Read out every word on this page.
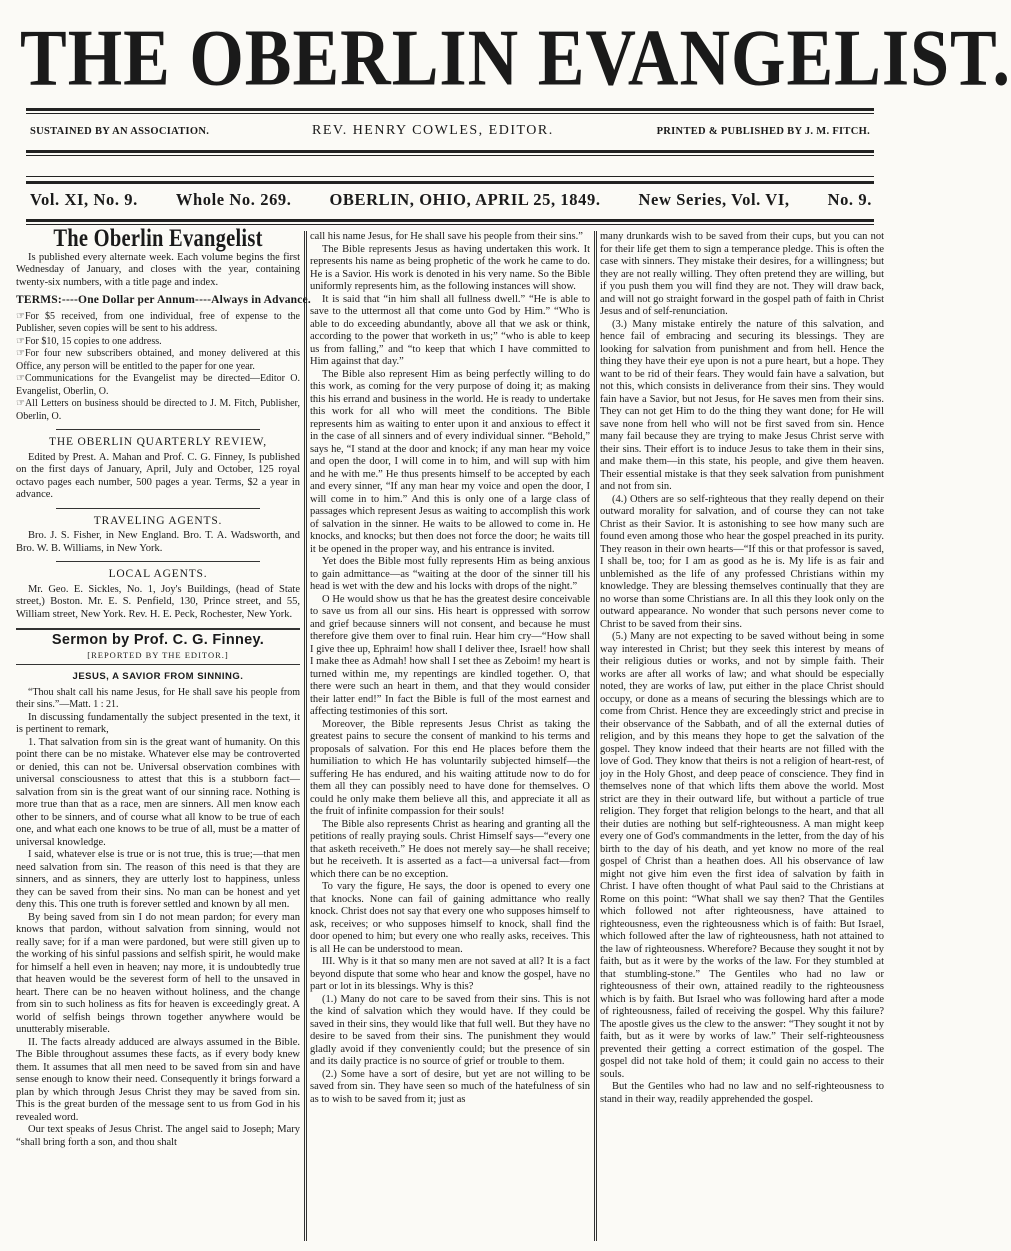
THE OBERLIN EVANGELIST.
SUSTAINED BY AN ASSOCIATION.	REV. HENRY COWLES, EDITOR.	PRINTED & PUBLISHED BY J. M. FITCH.
Vol. XI, No. 9. Whole No. 269. OBERLIN, OHIO, APRIL 25, 1849. New Series, Vol. VI, No. 9.
The Oberlin Evangelist

Is published every alternate week. Each volume begins the first Wednesday of January, and closes with the year, containing twenty-six numbers, with a title page and index.

TERMS:----One Dollar per Annum----Always in Advance.

☞For $5 received, from one individual, free of expense to the Publisher, seven copies will be sent to his address.

☞For $10, 15 copies to one address.

☞For four new subscribers obtained, and money delivered at this Office, any person will be entitled to the paper for one year.

☞Communications for the Evangelist may be directed—Editor O. Evangelist, Oberlin, O.

☞All Letters on business should be directed to J. M. Fitch, Publisher, Oberlin, O.

THE OBERLIN QUARTERLY REVIEW,

Edited by Prest. A. Mahan and Prof. C. G. Finney, Is published on the first days of January, April, July and October, 125 royal octavo pages each number, 500 pages a year. Terms, $2 a year in advance.

TRAVELING AGENTS.

Bro. J. S. Fisher, in New England. Bro. T. A. Wadsworth, and Bro. W. B. Williams, in New York.

LOCAL AGENTS.

Mr. Geo. E. Sickles, No. 1, Joy's Buildings, (head of State street,) Boston. Mr. E. S. Penfield, 130, Prince street, and 55, William street, New York. Rev. H. E. Peck, Rochester, New York.

Sermon by Prof. C. G. Finney.
[REPORTED BY THE EDITOR.]
JESUS, A SAVIOR FROM SINNING.

“Thou shalt call his name Jesus, for He shall save his people from their sins.”—Matt. 1 : 21.

In discussing fundamentally the subject presented in the text, it is pertinent to remark,

1. That salvation from sin is the great want of humanity. On this point there can be no mistake. Whatever else may be controverted or denied, this can not be. Universal observation combines with universal consciousness to attest that this is a stubborn fact—salvation from sin is the great want of our sinning race. Nothing is more true than that as a race, men are sinners. All men know each other to be sinners, and of course what all know to be true of each one, and what each one knows to be true of all, must be a matter of universal knowledge.

I said, whatever else is true or is not true, this is true;—that men need salvation from sin. The reason of this need is that they are sinners, and as sinners, they are utterly lost to happiness, unless they can be saved from their sins. No man can be honest and yet deny this. This one truth is forever settled and known by all men.

By being saved from sin I do not mean pardon; for every man knows that pardon, without salvation from sinning, would not really save; for if a man were pardoned, but were still given up to the working of his sinful passions and selfish spirit, he would make for himself a hell even in heaven; nay more, it is undoubtedly true that heaven would be the severest form of hell to the unsaved in heart. There can be no heaven without holiness, and the change from sin to such holiness as fits for heaven is exceedingly great. A world of selfish beings thrown together anywhere would be unutterably miserable.

II. The facts already adduced are always assumed in the Bible. The Bible throughout assumes these facts, as if every body knew them. It assumes that all men need to be saved from sin and have sense enough to know their need. Consequently it brings forward a plan by which through Jesus Christ they may be saved from sin. This is the great burden of the message sent to us from God in his revealed word.

Our text speaks of Jesus Christ. The angel said to Joseph; Mary “shall bring forth a son, and thou shalt

call his name Jesus, for He shall save his people from their sins.”

The Bible represents Jesus as having undertaken this work. It represents his name as being prophetic of the work he came to do. He is a Savior. His work is denoted in his very name. So the Bible uniformly represents him, as the following instances will show.

It is said that “in him shall all fullness dwell.” “He is able to save to the uttermost all that come unto God by Him.” “Who is able to do exceeding abundantly, above all that we ask or think, according to the power that worketh in us;” “who is able to keep us from falling,” and “to keep that which I have committed to Him against that day.”

The Bible also represent Him as being perfectly willing to do this work, as coming for the very purpose of doing it; as making this his errand and business in the world. He is ready to undertake this work for all who will meet the conditions. The Bible represents him as waiting to enter upon it and anxious to effect it in the case of all sinners and of every individual sinner. “Behold,” says he, “I stand at the door and knock; if any man hear my voice and open the door, I will come in to him, and will sup with him and he with me.” He thus presents himself to be accepted by each and every sinner, “If any man hear my voice and open the door, I will come in to him.” And this is only one of a large class of passages which represent Jesus as waiting to accomplish this work of salvation in the sinner. He waits to be allowed to come in. He knocks, and knocks; but then does not force the door; he waits till it be opened in the proper way, and his entrance is invited.

Yet does the Bible most fully represents Him as being anxious to gain admittance—as “waiting at the door of the sinner till his head is wet with the dew and his locks with drops of the night.”

O He would show us that he has the greatest desire conceivable to save us from all our sins. His heart is oppressed with sorrow and grief because sinners will not consent, and because he must therefore give them over to final ruin. Hear him cry—“How shall I give thee up, Ephraim! how shall I deliver thee, Israel! how shall I make thee as Admah! how shall I set thee as Zeboim! my heart is turned within me, my repentings are kindled together. O, that there were such an heart in them, and that they would consider their latter end!” In fact the Bible is full of the most earnest and affecting testimonies of this sort.

Moreover, the Bible represents Jesus Christ as taking the greatest pains to secure the consent of mankind to his terms and proposals of salvation. For this end He places before them the humiliation to which He has voluntarily subjected himself—the suffering He has endured, and his waiting attitude now to do for them all they can possibly need to have done for themselves. O could he only make them believe all this, and appreciate it all as the fruit of infinite compassion for their souls!

The Bible also represents Christ as hearing and granting all the petitions of really praying souls. Christ Himself says—“every one that asketh receiveth.” He does not merely say—he shall receive; but he receiveth. It is asserted as a fact—a universal fact—from which there can be no exception.

To vary the figure, He says, the door is opened to every one that knocks. None can fail of gaining admittance who really knock. Christ does not say that every one who supposes himself to ask, receives; or who supposes himself to knock, shall find the door opened to him; but every one who really asks, receives. This is all He can be understood to mean.

III. Why is it that so many men are not saved at all? It is a fact beyond dispute that some who hear and know the gospel, have no part or lot in its blessings. Why is this?

(1.) Many do not care to be saved from their sins. This is not the kind of salvation which they would have. If they could be saved in their sins, they would like that full well. But they have no desire to be saved from their sins. The punishment they would gladly avoid if they conveniently could; but the presence of sin and its daily practice is no source of grief or trouble to them.

(2.) Some have a sort of desire, but yet are not willing to be saved from sin. They have seen so much of the hatefulness of sin as to wish to be saved from it; just as

many drunkards wish to be saved from their cups, but you can not for their life get them to sign a temperance pledge. This is often the case with sinners. They mistake their desires, for a willingness; but they are not really willing. They often pretend they are willing, but if you push them you will find they are not. They will draw back, and will not go straight forward in the gospel path of faith in Christ Jesus and of self-renunciation.

(3.) Many mistake entirely the nature of this salvation, and hence fail of embracing and securing its blessings. They are looking for salvation from punishment and from hell. Hence the thing they have their eye upon is not a pure heart, but a hope. They want to be rid of their fears. They would fain have a salvation, but not this, which consists in deliverance from their sins. They would fain have a Savior, but not Jesus, for He saves men from their sins. They can not get Him to do the thing they want done; for He will save none from hell who will not be first saved from sin. Hence many fail because they are trying to make Jesus Christ serve with their sins. Their effort is to induce Jesus to take them in their sins, and make them—in this state, his people, and give them heaven. Their essential mistake is that they seek salvation from punishment and not from sin.

(4.) Others are so self-righteous that they really depend on their outward morality for salvation, and of course they can not take Christ as their Savior. It is astonishing to see how many such are found even among those who hear the gospel preached in its purity. They reason in their own hearts—“If this or that professor is saved, I shall be, too; for I am as good as he is. My life is as fair and unblemished as the life of any professed Christians within my knowledge. They are blessing themselves continually that they are no worse than some Christians are. In all this they look only on the outward appearance. No wonder that such persons never come to Christ to be saved from their sins.

(5.) Many are not expecting to be saved without being in some way interested in Christ; but they seek this interest by means of their religious duties or works, and not by simple faith. Their works are after all works of law; and what should be especially noted, they are works of law, put either in the place Christ should occupy, or done as a means of securing the blessings which are to come from Christ. Hence they are exceedingly strict and precise in their observance of the Sabbath, and of all the external duties of religion, and by this means they hope to get the salvation of the gospel. They know indeed that their hearts are not filled with the love of God. They know that theirs is not a religion of heart-rest, of joy in the Holy Ghost, and deep peace of conscience. They find in themselves none of that which lifts them above the world. Most strict are they in their outward life, but without a particle of true religion. They forget that religion belongs to the heart, and that all their duties are nothing but self-righteousness. A man might keep every one of God's commandments in the letter, from the day of his birth to the day of his death, and yet know no more of the real gospel of Christ than a heathen does. All his observance of law might not give him even the first idea of salvation by faith in Christ. I have often thought of what Paul said to the Christians at Rome on this point: “What shall we say then? That the Gentiles which followed not after righteousness, have attained to righteousness, even the righteousness which is of faith: But Israel, which followed after the law of righteousness, hath not attained to the law of righteousness. Wherefore? Because they sought it not by faith, but as it were by the works of the law. For they stumbled at that stumbling-stone.” The Gentiles who had no law or righteousness of their own, attained readily to the righteousness which is by faith. But Israel who was following hard after a mode of righteousness, failed of receiving the gospel. Why this failure? The apostle gives us the clew to the answer: “They sought it not by faith, but as it were by works of law.” Their self-righteousness prevented their getting a correct estimation of the gospel. The gospel did not take hold of them; it could gain no access to their souls.

But the Gentiles who had no law and no self-righteousness to stand in their way, readily apprehended the gospel.
